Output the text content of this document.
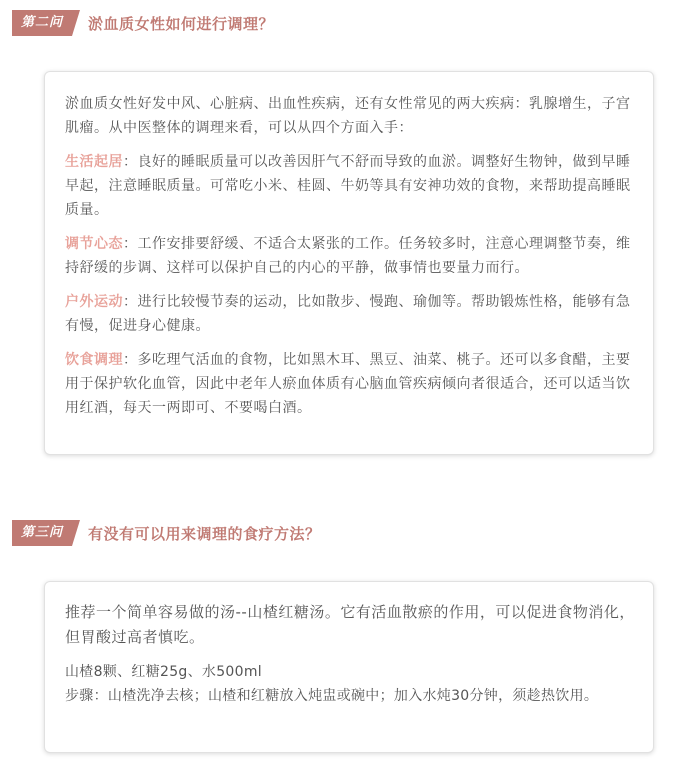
第二问	淤血质女性如何进行调理？

淤血质女性好发中风、心脏病、出血性疾病，还有女性常见的两大疾病：乳腺增生，子宫肌瘤。从中医整体的调理来看，可以从四个方面入手：

生活起居：良好的睡眠质量可以改善因肝气不舒而导致的血淤。调整好生物钟，做到早睡早起，注意睡眠质量。可常吃小米、桂圆、牛奶等具有安神功效的食物，来帮助提高睡眠质量。

调节心态：工作安排要舒缓、不适合太紧张的工作。任务较多时，注意心理调整节奏，维持舒缓的步调、这样可以保护自己的内心的平静，做事情也要量力而行。

户外运动：进行比较慢节奏的运动，比如散步、慢跑、瑜伽等。帮助锻炼性格，能够有急有慢，促进身心健康。

饮食调理：多吃理气活血的食物，比如黑木耳、黑豆、油菜、桃子。还可以多食醋，主要用于保护软化血管，因此中老年人瘀血体质有心脑血管疾病倾向者很适合，还可以适当饮用红酒，每天一两即可、不要喝白酒。

第三问	有没有可以用来调理的食疗方法？

推荐一个简单容易做的汤--山楂红糖汤。它有活血散瘀的作用，可以促进食物消化，但胃酸过高者慎吃。

山楂8颗、红糖25g、水500ml
步骤：山楂洗净去核；山楂和红糖放入炖盅或碗中；加入水炖30分钟，须趁热饮用。
